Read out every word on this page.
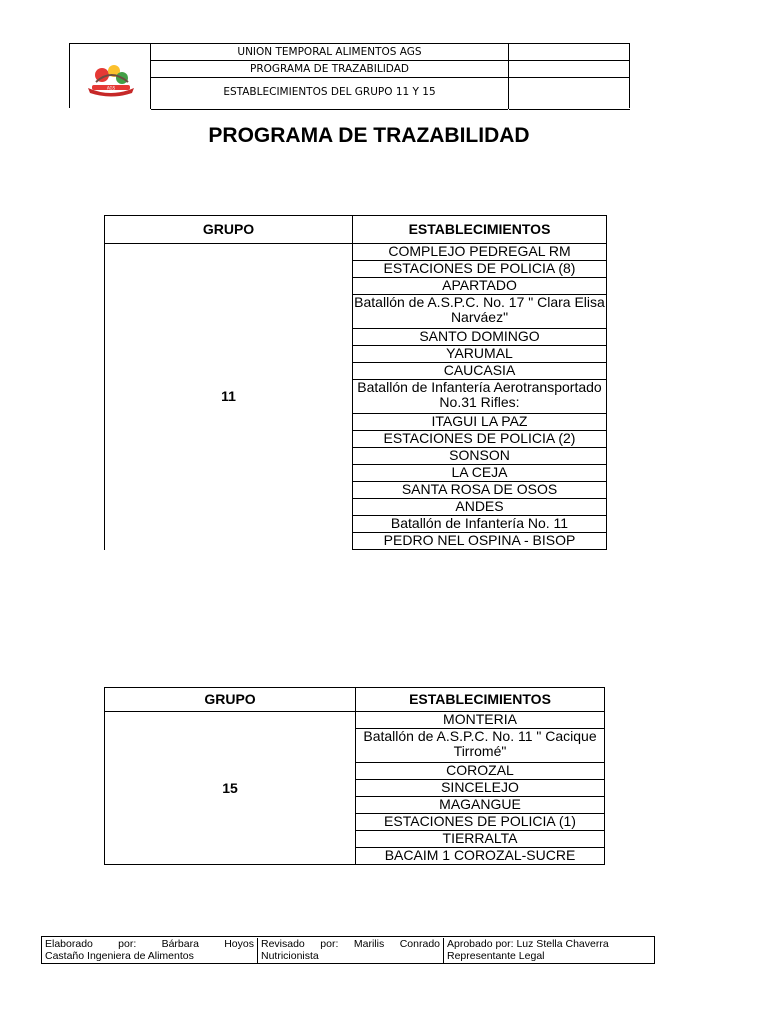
AGS
UNION TEMPORAL ALIMENTOS AGS
PROGRAMA DE TRAZABILIDAD
ESTABLECIMIENTOS DEL GRUPO 11 Y 15
PROGRAMA DE TRAZABILIDAD
GRUPO	ESTABLECIMIENTOS
11	COMPLEJO PEDREGAL RM
	ESTACIONES DE POLICIA (8)
	APARTADO
	Batallón de A.S.P.C. No. 17 " Clara Elisa Narváez"
	SANTO DOMINGO
	YARUMAL
	CAUCASIA
	Batallón de Infantería Aerotransportado No.31 Rifles:
	ITAGUI LA PAZ
	ESTACIONES DE POLICIA (2)
	SONSON
	LA CEJA
	SANTA ROSA DE OSOS
	ANDES
	Batallón de Infantería No. 11
	PEDRO NEL OSPINA - BISOP
GRUPO	ESTABLECIMIENTOS
15	MONTERIA
	Batallón de A.S.P.C. No. 11 " Cacique Tirromé"
	COROZAL
	SINCELEJO
	MAGANGUE
	ESTACIONES DE POLICIA (1)
	TIERRALTA
	BACAIM 1 COROZAL-SUCRE
Elaborado por: Bárbara Hoyos
Castaño Ingeniera de Alimentos
Revisado por: Marilis Conrado
Nutricionista
Aprobado por: Luz Stella Chaverra
Representante Legal
